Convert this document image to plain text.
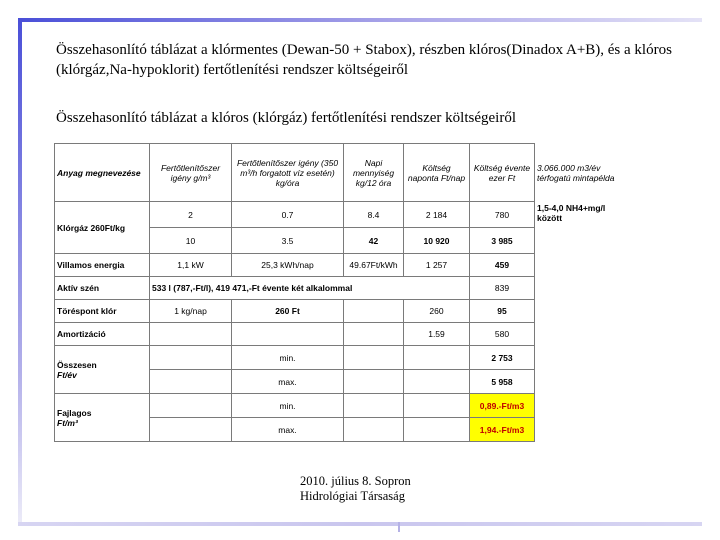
Összehasonlító táblázat a klórmentes (Dewan-50 + Stabox), részben klóros(Dinadox A+B), és a klóros (klórgáz,Na-hypoklorit) fertőtlenítési rendszer költségeiről
Összehasonlító táblázat a klóros (klórgáz) fertőtlenítési rendszer költségeiről
Anyag megnevezése	Fertőtlenítőszer igény g/m³	Fertőtlenítőszer igény (350 m³/h forgatott víz esetén) kg/óra	Napi mennyiség kg/12 óra	Költség naponta Ft/nap	Költség évente ezer Ft	3.066.000 m3/év térfogatú mintapélda
Klórgáz 260Ft/kg	2	0.7	8.4	2 184	780	1,5-4,0 NH4+mg/l között
	10	3.5	42	10 920	3 985	
Villamos energia	1,1 kW	25,3 kWh/nap	49.67Ft/kWh	1 257	459	
Aktív szén	533 l (787,-Ft/l), 419 471,-Ft évente két alkalommal				839	
Töréspont klór	1 kg/nap	260 Ft		260	95	
Amortizáció				1.59	580	
Összesen
Ft/év		min.			2 753	
		max.			5 958	
Fajlagos
Ft/m³		min.			0,89.-Ft/m3	
		max.			1,94.-Ft/m3	
2010. július 8. Sopron
Hidrológiai Társaság
